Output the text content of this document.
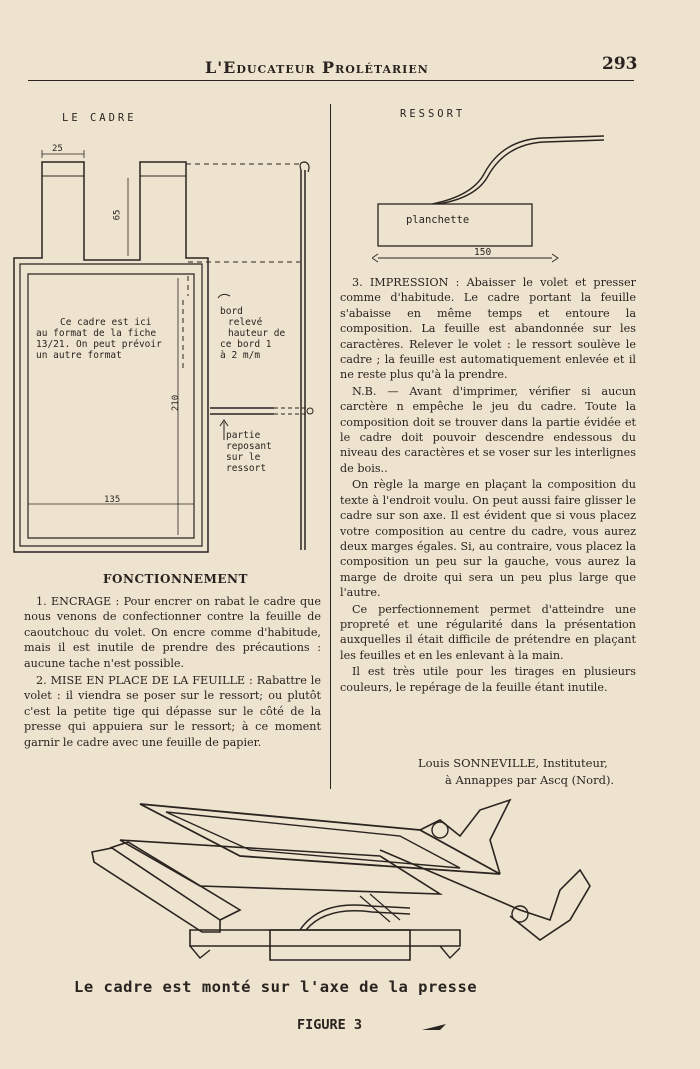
L'Educateur Prolétarien	293
LE CADRE
25
65
210
135
Ce cadre est ici
au format de la fiche
13/21. On peut prévoir
un autre format
bord
relevé
hauteur de
ce bord 1
à 2 m/m
partie
reposant
sur le
ressort
RESSORT
planchette
150
FONCTIONNEMENT

1. ENCRAGE : Pour encrer on rabat le cadre que nous venons de confectionner contre la feuille de caoutchouc du volet. On encre comme d'habitude, mais il est inutile de prendre des précautions : aucune tache n'est possible.

2. MISE EN PLACE DE LA FEUILLE : Rabattre le volet : il viendra se poser sur le ressort; ou plutôt c'est la petite tige qui dépasse sur le côté de la presse qui appuiera sur le ressort; à ce moment garnir le cadre avec une feuille de papier.

3. IMPRESSION : Abaisser le volet et presser comme d'habitude. Le cadre portant la feuille s'abaisse en même temps et entoure la composition. La feuille est abandonnée sur les caractères. Relever le volet : le ressort soulève le cadre ; la feuille est automatiquement enlevée et il ne reste plus qu'à la prendre.

N.B. — Avant d'imprimer, vérifier si aucun carctère n empêche le jeu du cadre. Toute la composition doit se trouver dans la partie évidée et le cadre doit pouvoir descendre endessous du niveau des caractères et se voser sur les interlignes de bois..

On règle la marge en plaçant la composition du texte à l'endroit voulu. On peut aussi faire glisser le cadre sur son axe. Il est évident que si vous placez votre composition au centre du cadre, vous aurez deux marges égales. Si, au contraire, vous placez la composition un peu sur la gauche, vous aurez la marge de droite qui sera un peu plus large que l'autre.

Ce perfectionnement permet d'atteindre une propreté et une régularité dans la présentation auxquelles il était difficile de prétendre en plaçant les feuilles et en les enlevant à la main.

Il est très utile pour les tirages en plusieurs couleurs, le repérage de la feuille étant inutile.

Louis SONNEVILLE, Instituteur,
à Annappes par Ascq (Nord).
Le cadre est monté sur l'axe de la presse
FIGURE 3
